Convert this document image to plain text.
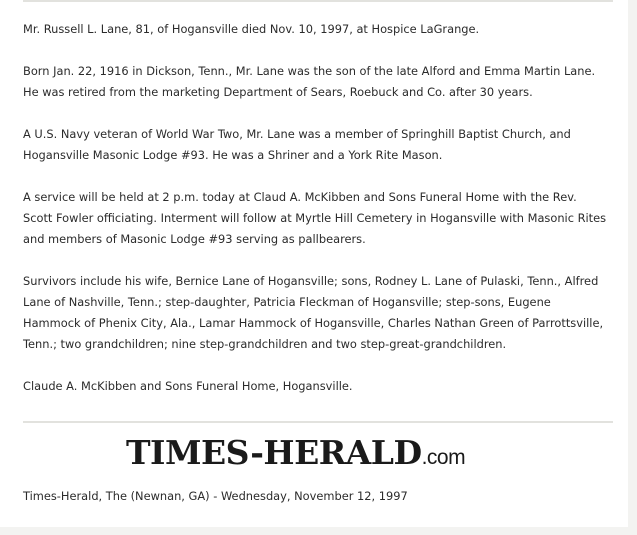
Mr. Russell L. Lane, 81, of Hogansville died Nov. 10, 1997, at Hospice LaGrange.

Born Jan. 22, 1916 in Dickson, Tenn., Mr. Lane was the son of the late Alford and Emma Martin Lane.
He was retired from the marketing Department of Sears, Roebuck and Co. after 30 years.

A U.S. Navy veteran of World War Two, Mr. Lane was a member of Springhill Baptist Church, and
Hogansville Masonic Lodge #93. He was a Shriner and a York Rite Mason.

A service will be held at 2 p.m. today at Claud A. McKibben and Sons Funeral Home with the Rev.
Scott Fowler officiating. Interment will follow at Myrtle Hill Cemetery in Hogansville with Masonic Rites
and members of Masonic Lodge #93 serving as pallbearers.

Survivors include his wife, Bernice Lane of Hogansville; sons, Rodney L. Lane of Pulaski, Tenn., Alfred
Lane of Nashville, Tenn.; step-daughter, Patricia Fleckman of Hogansville; step-sons, Eugene
Hammock of Phenix City, Ala., Lamar Hammock of Hogansville, Charles Nathan Green of Parrottsville,
Tenn.; two grandchildren; nine step-grandchildren and two step-great-grandchildren.

Claude A. McKibben and Sons Funeral Home, Hogansville.

TIMES-HERALD.com
Times-Herald, The (Newnan, GA) - Wednesday, November 12, 1997
